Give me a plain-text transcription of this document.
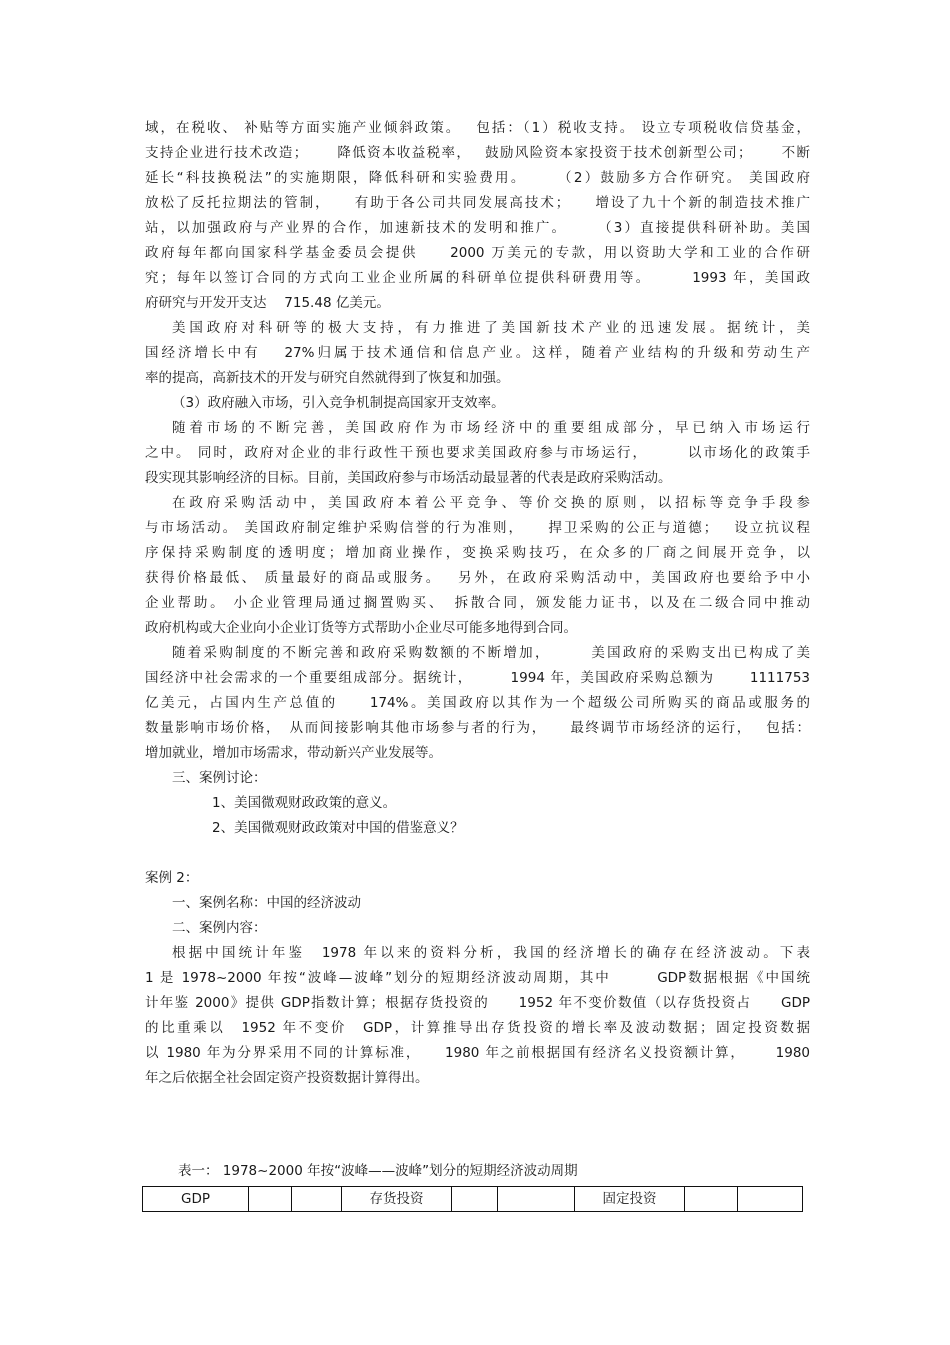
域，在税收、 补贴等方面实施产业倾斜政策。　 包括：（1）税收支持。 设立专项税收信贷基金，
支持企业进行技术改造；　　 降低资本收益税率，　 鼓励风险资本家投资于技术创新型公司；　　 不断
延长“科技换税法”的实施期限，降低科研和实验费用。　　 （2）鼓励多方合作研究。 美国政府
放松了反托拉期法的管制，　　有助于各公司共同发展高技术；　　增设了九十个新的制造技术推广
站，以加强政府与产业界的合作，加速新技术的发明和推广。　　 （3）直接提供科研补助。美国
政府每年都向国家科学基金委员会提供　　2000 万美元的专款，用以资助大学和工业的合作研
究；每年以签订合同的方式向工业企业所属的科研单位提供科研费用等。　　　1993 年，美国政
府研究与开发开支达　 715.48 亿美元。
美国政府对科研等的极大支持，有力推进了美国新技术产业的迅速发展。据统计，美
国经济增长中有　 27%归属于技术通信和信息产业。这样，随着产业结构的升级和劳动生产
率的提高，高新技术的开发与研究自然就得到了恢复和加强。
（3）政府融入市场，引入竞争机制提高国家开支效率。
随着市场的不断完善，美国政府作为市场经济中的重要组成部分，早已纳入市场运行
之中。 同时，政府对企业的非行政性干预也要求美国政府参与市场运行，　　　以市场化的政策手
段实现其影响经济的目标。目前，美国政府参与市场活动最显著的代表是政府采购活动。
在政府采购活动中，美国政府本着公平竞争、等价交换的原则，以招标等竞争手段参
与市场活动。 美国政府制定维护采购信誉的行为准则，　　捍卫采购的公正与道德；　 设立抗议程
序保持采购制度的透明度；增加商业操作，变换采购技巧，在众多的厂商之间展开竞争，以
获得价格最低、 质量最好的商品或服务。　 另外，在政府采购活动中，美国政府也要给予中小
企业帮助。 小企业管理局通过搁置购买、　拆散合同，颁发能力证书，以及在二级合同中推动
政府机构或大企业向小企业订货等方式帮助小企业尽可能多地得到合同。
随着采购制度的不断完善和政府采购数额的不断增加，　　　美国政府的采购支出已构成了美
国经济中社会需求的一个重要组成部分。据统计，　　　1994 年，美国政府采购总额为　　 1111753
亿美元，占国内生产总值的　　174%。美国政府以其作为一个超级公司所购买的商品或服务的
数量影响市场价格，　从而间接影响其他市场参与者的行为，　　最终调节市场经济的运行，　 包括：
增加就业，增加市场需求，带动新兴产业发展等。
三、案例讨论：
1、美国微观财政政策的意义。
2、美国微观财政政策对中国的借鉴意义？
案例 2：
一、案例名称：中国的经济波动
二、案例内容：
根据中国统计年鉴　1978 年以来的资料分析，我国的经济增长的确存在经济波动。下表
1 是 1978~2000 年按“波峰—波峰”划分的短期经济波动周期，其中　　　GDP数据根据《中国统
计年鉴 2000》提供 GDP指数计算；根据存货投资的　　1952 年不变价数值（以存货投资占　　GDP
的比重乘以　1952 年不变价　GDP，计算推导出存货投资的增长率及波动数据；固定投资数据
以 1980 年为分界采用不同的计算标准，　　1980 年之前根据国有经济名义投资额计算，　　 1980
年之后依据全社会固定资产投资数据计算得出。
表一： 1978~2000 年按“波峰——波峰”划分的短期经济波动周期
GDP			存货投资			固定投资		
